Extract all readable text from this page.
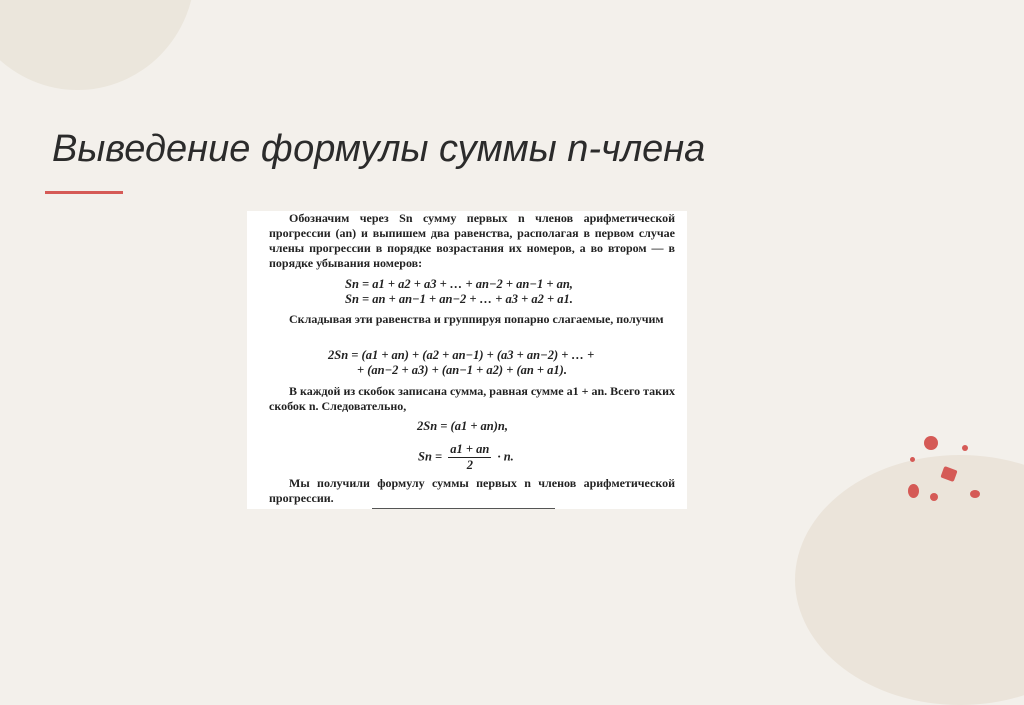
Выведение формулы суммы n-члена

Обозначим через Sn сумму первых n членов арифметической прогрессии (an) и выпишем два равенства, располагая в первом случае члены прогрессии в порядке возрастания их номеров, а во втором — в порядке убывания номеров:

Sn = a1 + a2 + a3 + … + an−2 + an−1 + an,
Sn = an + an−1 + an−2 + … + a3 + a2 + a1.

Складывая эти равенства и группируя попарно слагаемые, получим

2Sn = (a1 + an) + (a2 + an−1) + (a3 + an−2) + … +
+ (an−2 + a3) + (an−1 + a2) + (an + a1).

В каждой из скобок записана сумма, равная сумме a1 + an. Всего таких скобок n. Следовательно,

2Sn = (a1 + an)n,
$Sn = \frac{a1 + an}{2} \cdot n$.

Мы получили формулу суммы первых n членов арифметической прогрессии.
